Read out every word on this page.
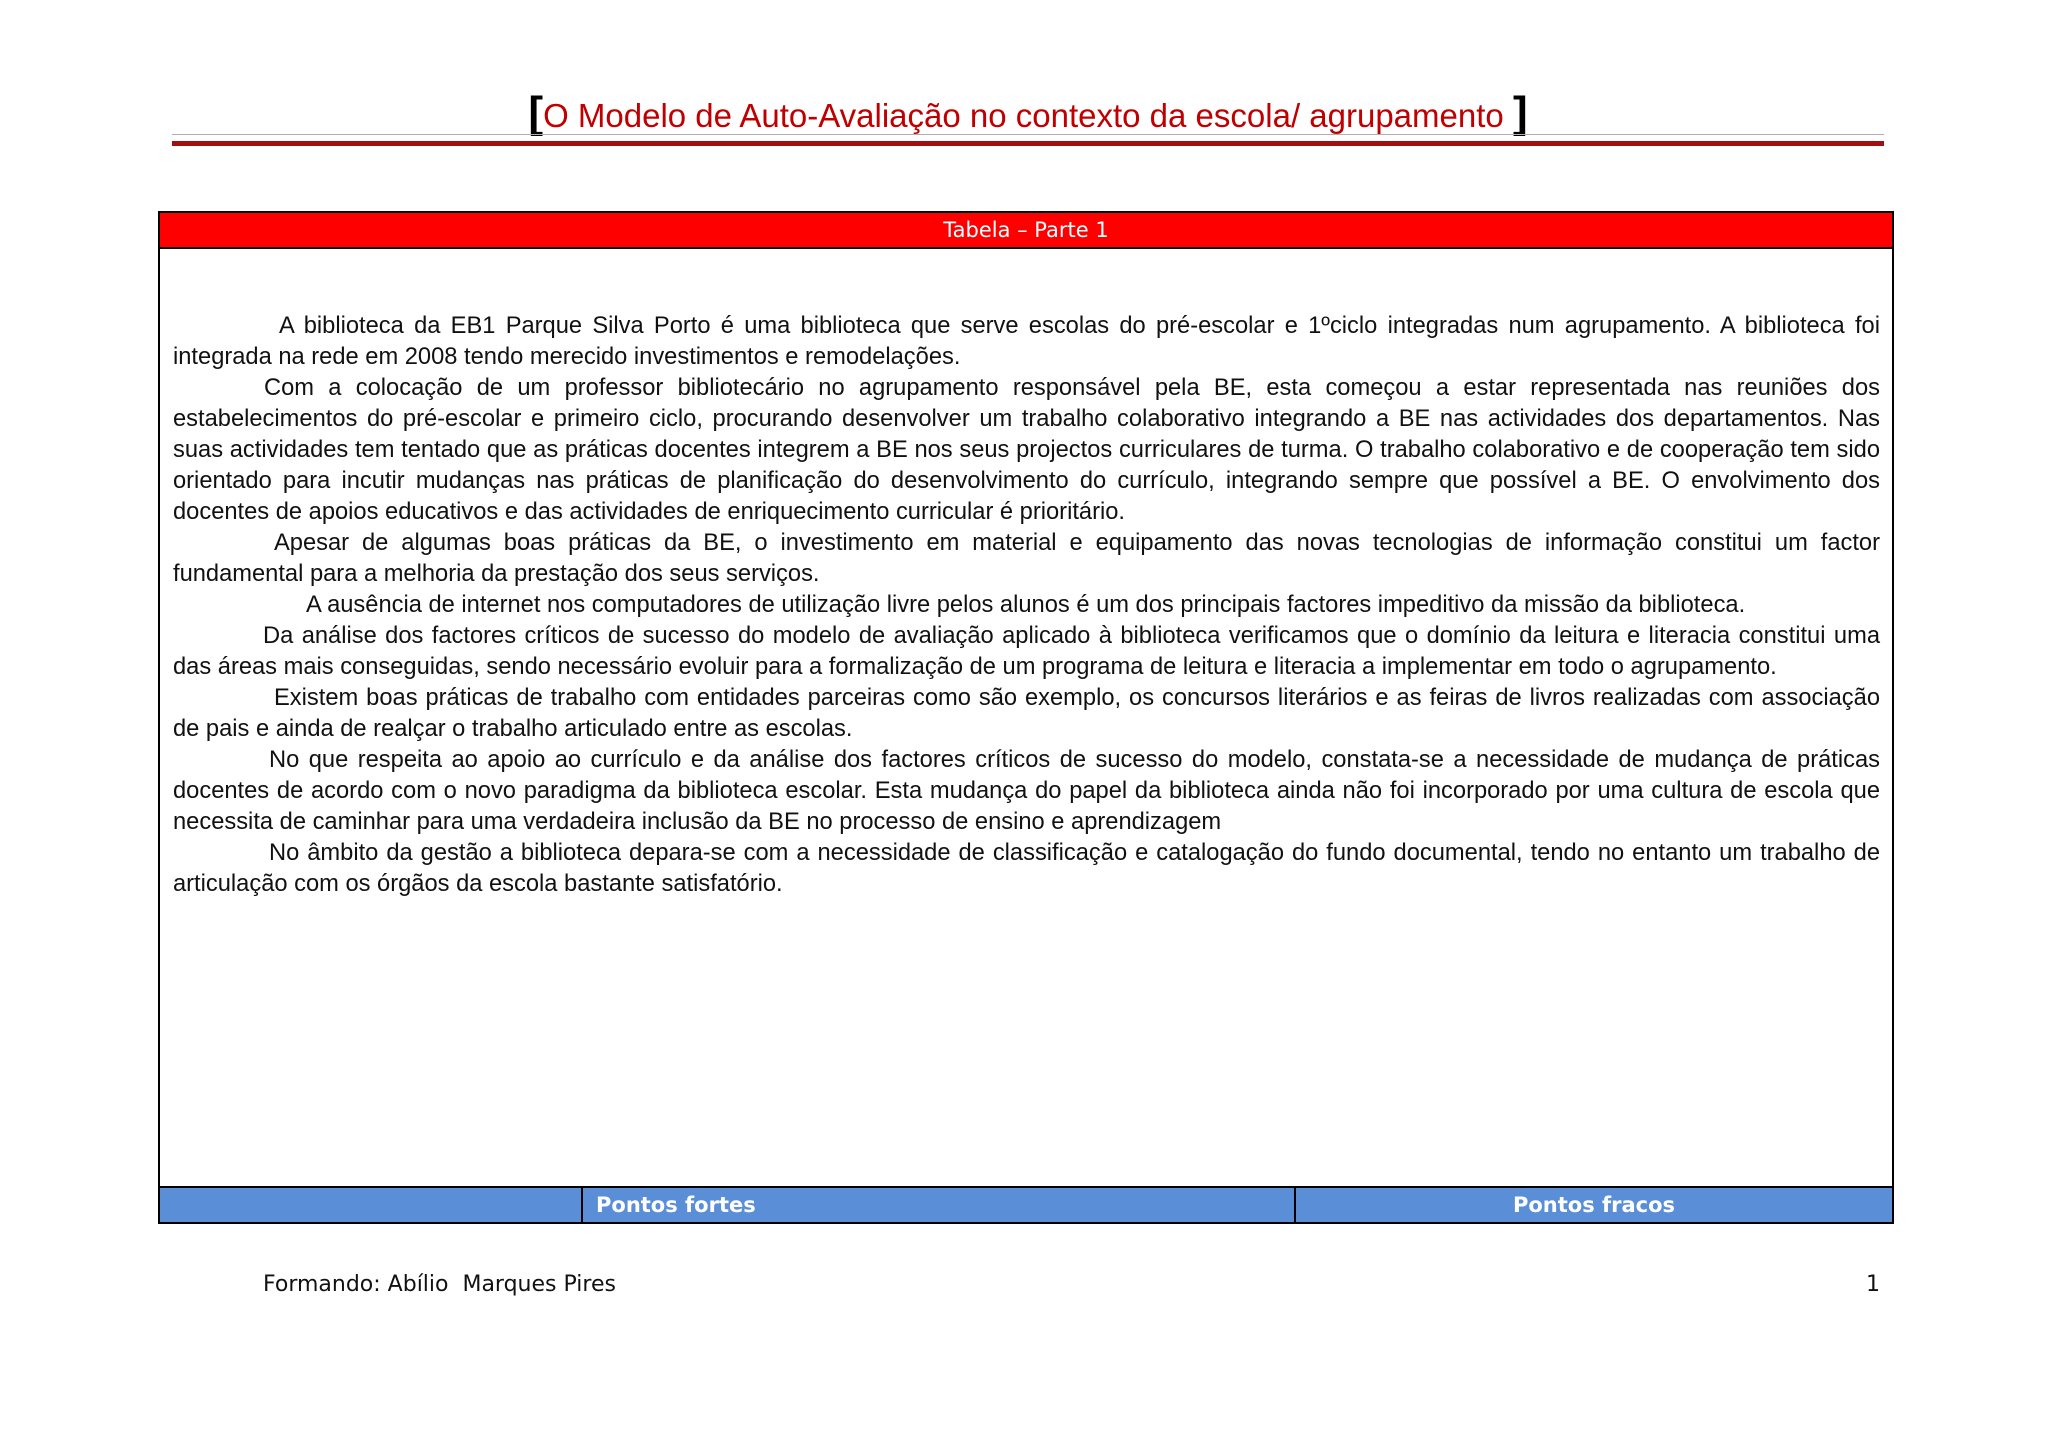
[O Modelo de Auto-Avaliação no contexto da escola/ agrupamento ]
Tabela – Parte 1

A biblioteca da EB1 Parque Silva Porto é uma biblioteca que serve escolas do pré-escolar e 1ºciclo integradas num agrupamento. A biblioteca foi integrada na rede em 2008 tendo merecido investimentos e remodelações.

Com a colocação de um professor bibliotecário no agrupamento responsável pela BE, esta começou a estar representada nas reuniões dos estabelecimentos do pré-escolar e primeiro ciclo, procurando desenvolver um trabalho colaborativo integrando a BE nas actividades dos departamentos. Nas suas actividades tem tentado que as práticas docentes integrem a BE nos seus projectos curriculares de turma. O trabalho colaborativo e de cooperação tem sido orientado para incutir mudanças nas práticas de planificação do desenvolvimento do currículo, integrando sempre que possível a BE. O envolvimento dos docentes de apoios educativos e das actividades de enriquecimento curricular é prioritário.

Apesar de algumas boas práticas da BE, o investimento em material e equipamento das novas tecnologias de informação constitui um factor fundamental para a melhoria da prestação dos seus serviços.

A ausência de internet nos computadores de utilização livre pelos alunos é um dos principais factores impeditivo da missão da biblioteca.

Da análise dos factores críticos de sucesso do modelo de avaliação aplicado à biblioteca verificamos que o domínio da leitura e literacia constitui uma das áreas mais conseguidas, sendo necessário evoluir para a formalização de um programa de leitura e literacia a implementar em todo o agrupamento.

Existem boas práticas de trabalho com entidades parceiras como são exemplo, os concursos literários e as feiras de livros realizadas com associação de pais e ainda de realçar o trabalho articulado entre as escolas.

No que respeita ao apoio ao currículo e da análise dos factores críticos de sucesso do modelo, constata-se a necessidade de mudança de práticas docentes de acordo com o novo paradigma da biblioteca escolar. Esta mudança do papel da biblioteca ainda não foi incorporado por uma cultura de escola que necessita de caminhar para uma verdadeira inclusão da BE no processo de ensino e aprendizagem

No âmbito da gestão a biblioteca depara-se com a necessidade de classificação e catalogação do fundo documental, tendo no entanto um trabalho de articulação com os órgãos da escola bastante satisfatório.

Pontos fortes	Pontos fracos
Formando: Abílio  Marques Pires	1
